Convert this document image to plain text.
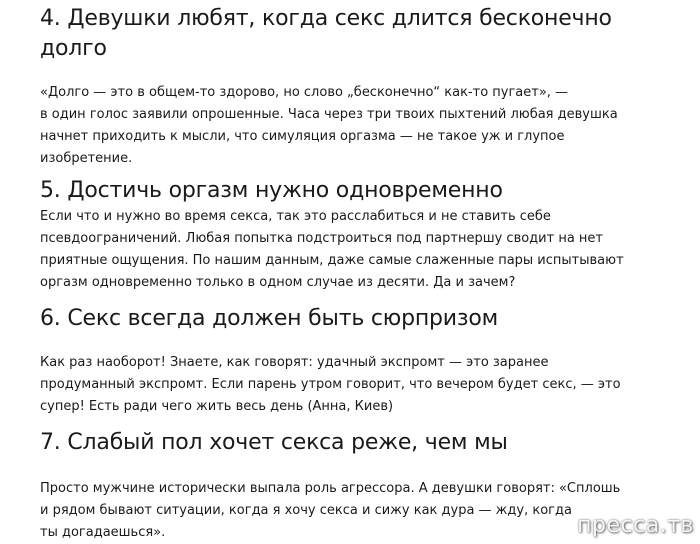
4. Девушки любят, когда секс длится бесконечно
долго

«Долго — это в общем-то здорово, но слово „бесконечно“ как-то пугает», —
в один голос заявили опрошенные. Часа через три твоих пыхтений любая девушка
начнет приходить к мысли, что симуляция оргазма — не такое уж и глупое
изобретение.

5. Достичь оргазм нужно одновременно

Если что и нужно во время секса, так это расслабиться и не ставить себе
псевдоограничений. Любая попытка подстроиться под партнершу сводит на нет
приятные ощущения. По нашим данным, даже самые слаженные пары испытывают
оргазм одновременно только в одном случае из десяти. Да и зачем?

6. Секс всегда должен быть сюрпризом

Как раз наоборот! Знаете, как говорят: удачный экспромт — это заранее
продуманный экспромт. Если парень утром говорит, что вечером будет секс, — это
супер! Есть ради чего жить весь день (Анна, Киев)

7. Слабый пол хочет секса реже, чем мы

Просто мужчине исторически выпала роль агрессора. А девушки говорят: «Сплошь
и рядом бывают ситуации, когда я хочу секса и сижу как дура — жду, когда
ты догадаешься».	пресса.тв
